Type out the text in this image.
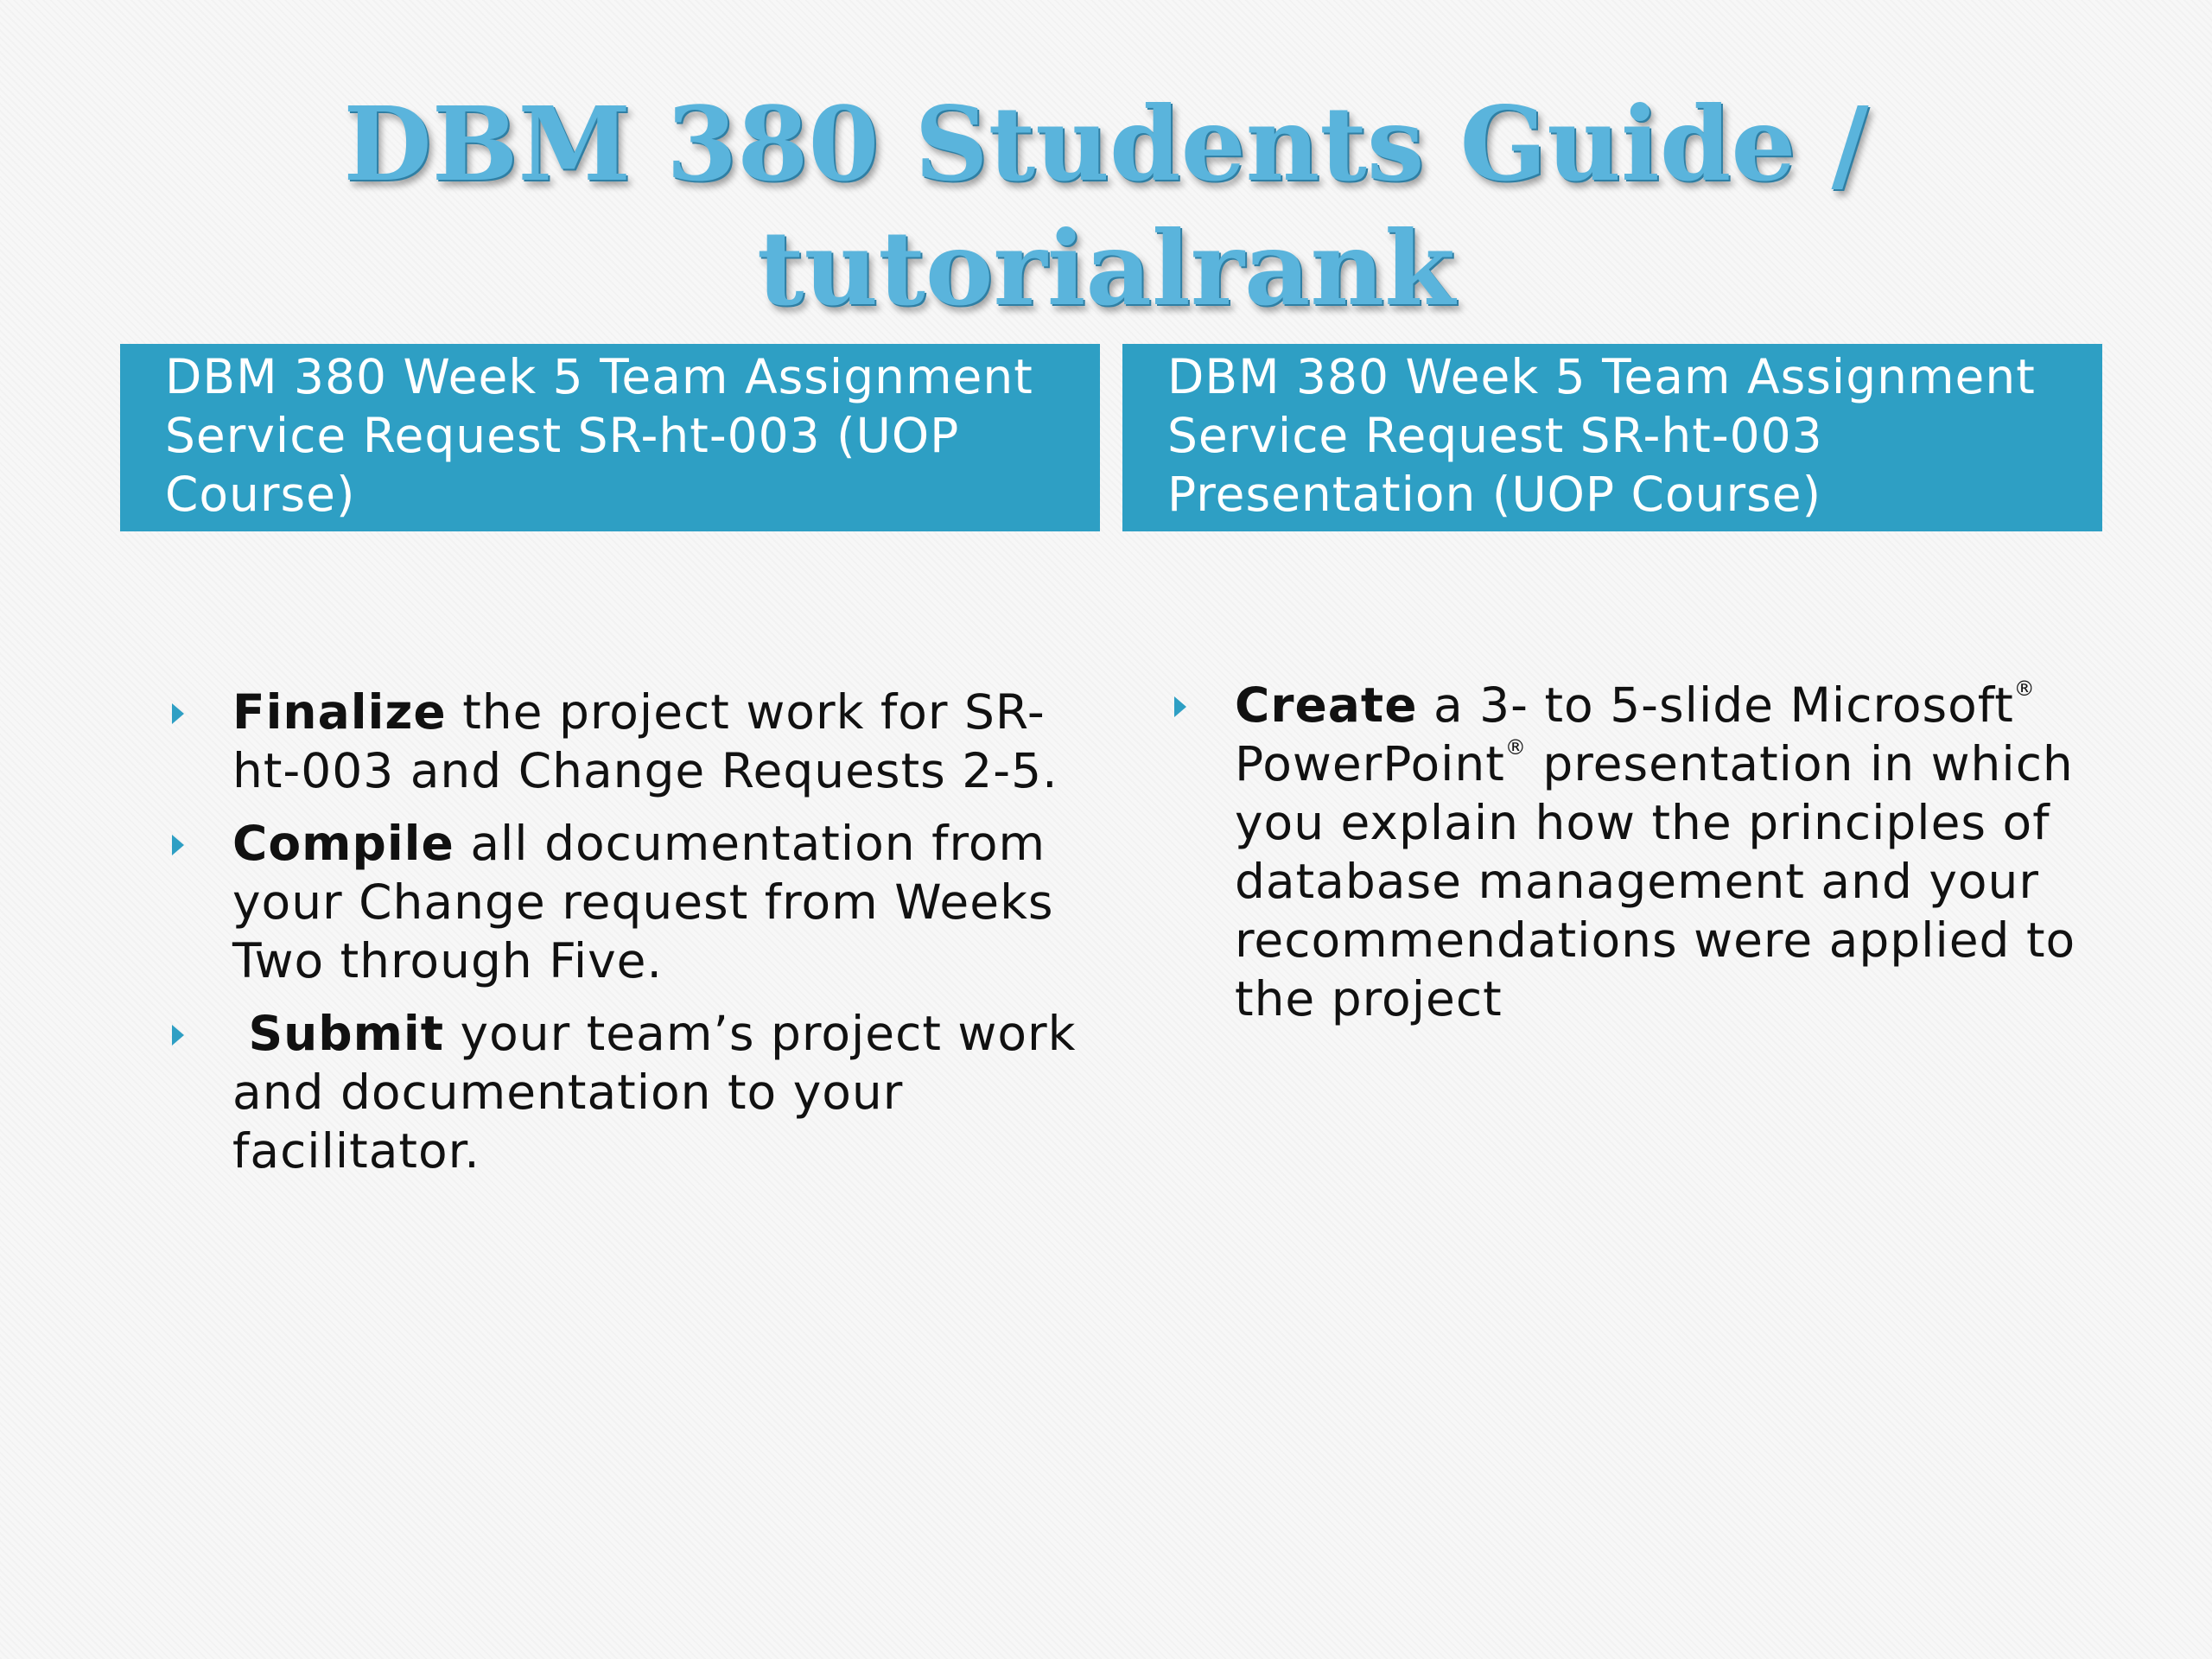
DBM 380 Students Guide /
tutorialrank
DBM 380 Week 5 Team Assignment
Service Request SR-ht-003 (UOP
Course)
DBM 380 Week 5 Team Assignment
Service Request SR-ht-003
Presentation (UOP Course)
Finalize the project work for SR-
ht-003 and Change Requests 2-5.
Compile all documentation from
your Change request from Weeks
Two through Five.
Submit your team’s project work
and documentation to your
facilitator.
Create a 3- to 5-slide Microsoft®
PowerPoint® presentation in which
you explain how the principles of
database management and your
recommendations were applied to
the project
